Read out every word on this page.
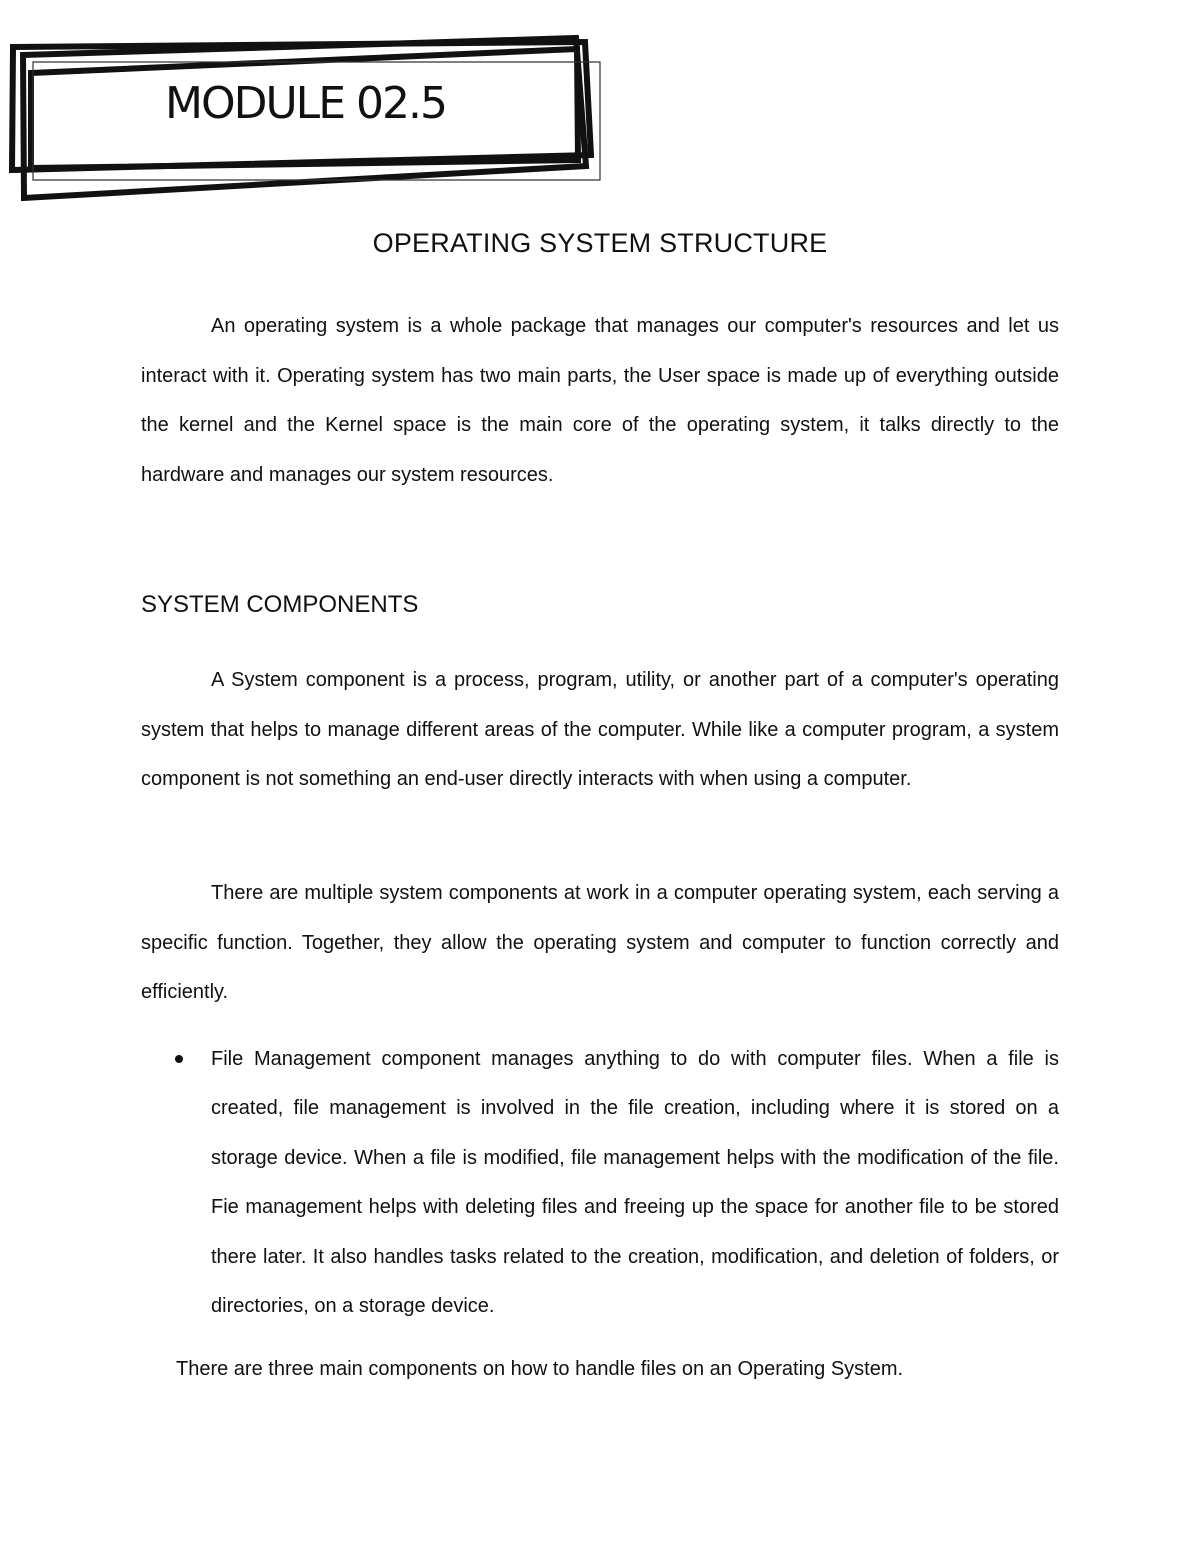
MODULE 02.5
OPERATING SYSTEM STRUCTURE

An operating system is a whole package that manages our computer's resources and let us interact with it. Operating system has two main parts, the User space is made up of everything outside the kernel and the Kernel space is the main core of the operating system, it talks directly to the hardware and manages our system resources.

SYSTEM COMPONENTS

A System component is a process, program, utility, or another part of a computer's operating system that helps to manage different areas of the computer. While like a computer program, a system component is not something an end-user directly interacts with when using a computer.

There are multiple system components at work in a computer operating system, each serving a specific function. Together, they allow the operating system and computer to function correctly and efficiently.

File Management component manages anything to do with computer files. When a file is created, file management is involved in the file creation, including where it is stored on a storage device. When a file is modified, file management helps with the modification of the file. Fie management helps with deleting files and freeing up the space for another file to be stored there later. It also handles tasks related to the creation, modification, and deletion of folders, or directories, on a storage device.

There are three main components on how to handle files on an Operating System.
